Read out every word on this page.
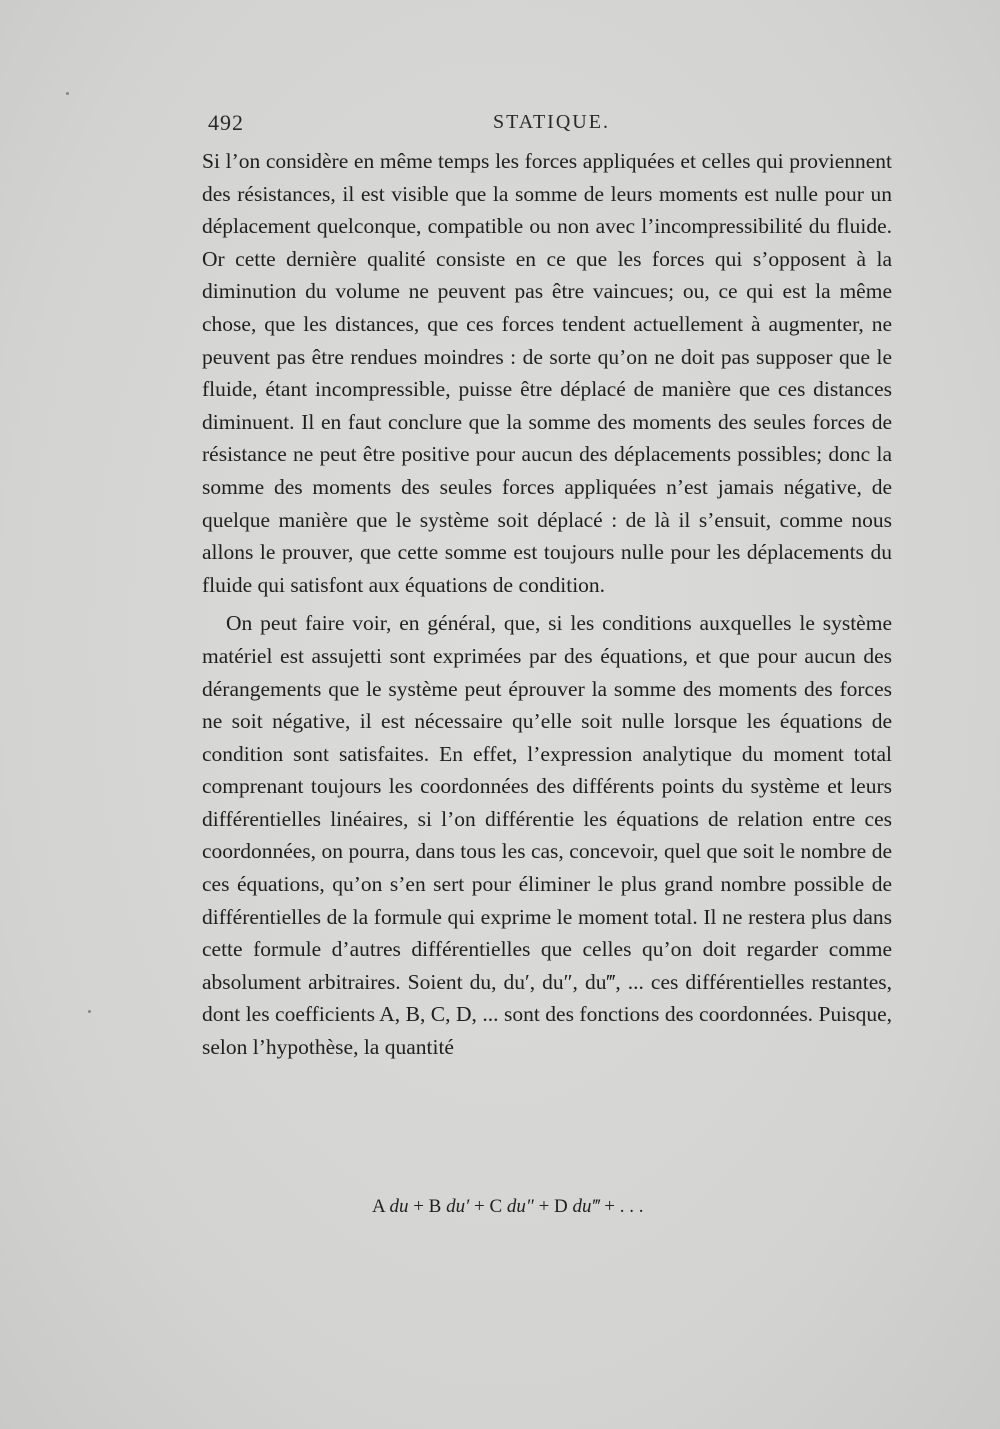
492	STATIQUE.

Si l’on considère en même temps les forces appliquées et celles qui proviennent des résistances, il est visible que la somme de leurs moments est nulle pour un déplacement quelconque, compatible ou non avec l’incompressibilité du fluide. Or cette dernière qualité consiste en ce que les forces qui s’opposent à la diminution du volume ne peuvent pas être vaincues; ou, ce qui est la même chose, que les distances, que ces forces tendent actuellement à augmenter, ne peuvent pas être rendues moindres : de sorte qu’on ne doit pas supposer que le fluide, étant incompressible, puisse être déplacé de manière que ces distances diminuent. Il en faut conclure que la somme des moments des seules forces de résistance ne peut être positive pour aucun des déplacements possibles; donc la somme des moments des seules forces appliquées n’est jamais négative, de quelque manière que le système soit déplacé : de là il s’ensuit, comme nous allons le prouver, que cette somme est toujours nulle pour les déplacements du fluide qui satisfont aux équations de condition.

On peut faire voir, en général, que, si les conditions auxquelles le système matériel est assujetti sont exprimées par des équations, et que pour aucun des dérangements que le système peut éprouver la somme des moments des forces ne soit négative, il est nécessaire qu’elle soit nulle lorsque les équations de condition sont satisfaites. En effet, l’expression analytique du moment total comprenant toujours les coordonnées des différents points du système et leurs différentielles linéaires, si l’on différentie les équations de relation entre ces coordonnées, on pourra, dans tous les cas, concevoir, quel que soit le nombre de ces équations, qu’on s’en sert pour éliminer le plus grand nombre possible de différentielles de la formule qui exprime le moment total. Il ne restera plus dans cette formule d’autres différentielles que celles qu’on doit regarder comme absolument arbitraires. Soient du, du′, du″, du‴, ... ces différentielles restantes, dont les coefficients A, B, C, D, ... sont des fonctions des coordonnées. Puisque, selon l’hypothèse, la quantité

A du + B du′ + C du″ + D du‴ + . . .
